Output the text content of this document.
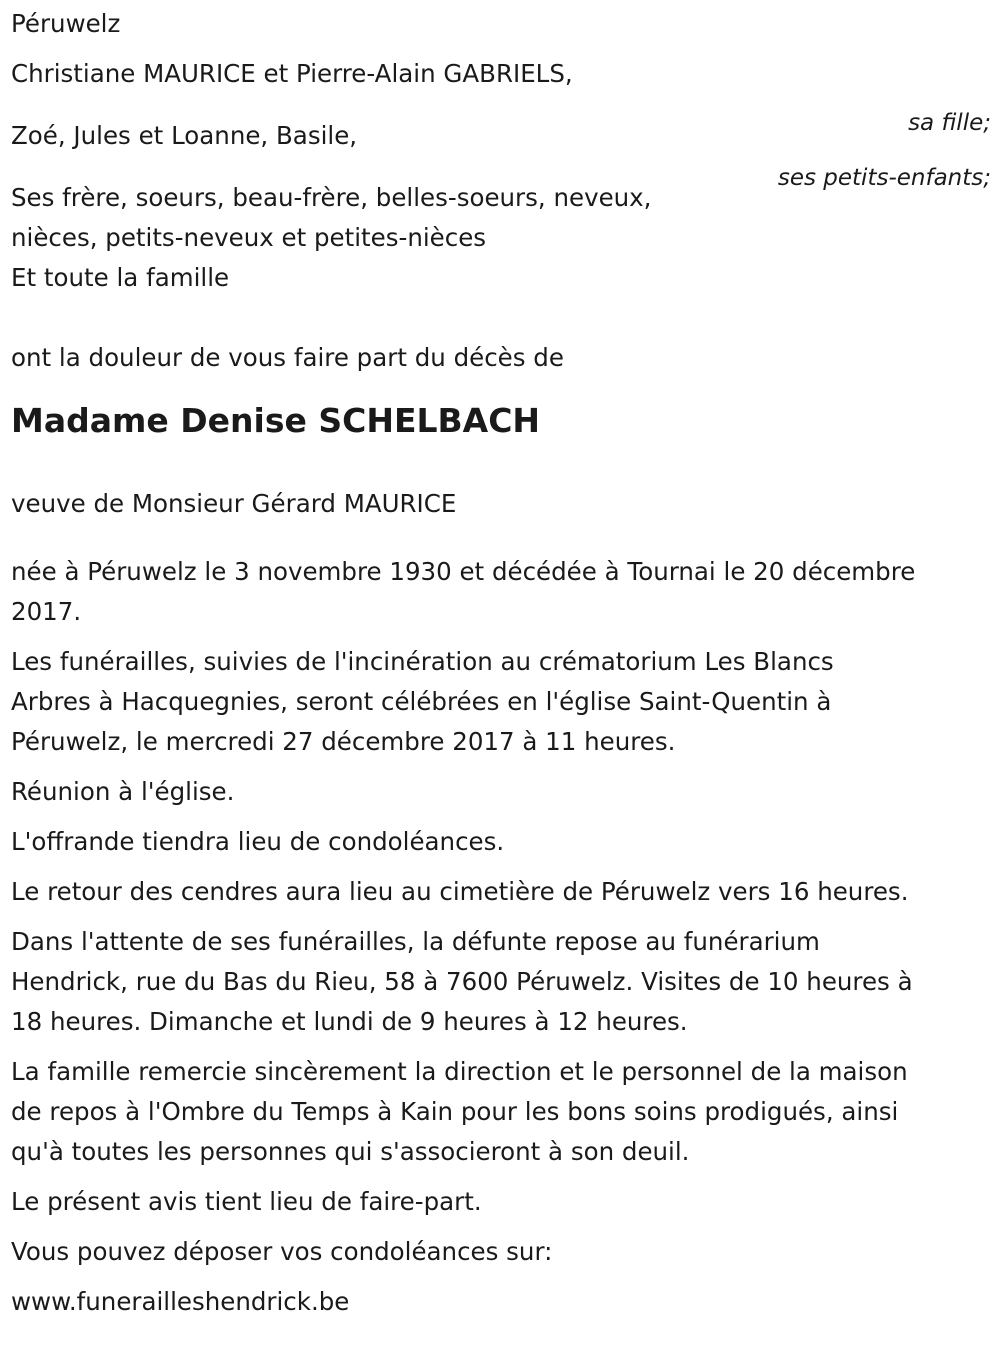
Péruwelz
Christiane MAURICE et Pierre-Alain GABRIELS,
sa fille;
Zoé, Jules et Loanne, Basile,
ses petits-enfants;
Ses frère, soeurs, beau-frère, belles-soeurs, neveux,
nièces, petits-neveux et petites-nièces
Et toute la famille
ont la douleur de vous faire part du décès de
Madame Denise SCHELBACH
veuve de Monsieur Gérard MAURICE
née à Péruwelz le 3 novembre 1930 et décédée à Tournai le 20 décembre
2017.
Les funérailles, suivies de l'incinération au crématorium Les Blancs
Arbres à Hacquegnies, seront célébrées en l'église Saint-Quentin à
Péruwelz, le mercredi 27 décembre 2017 à 11 heures.
Réunion à l'église.
L'offrande tiendra lieu de condoléances.
Le retour des cendres aura lieu au cimetière de Péruwelz vers 16 heures.
Dans l'attente de ses funérailles, la défunte repose au funérarium
Hendrick, rue du Bas du Rieu, 58 à 7600 Péruwelz. Visites de 10 heures à
18 heures. Dimanche et lundi de 9 heures à 12 heures.
La famille remercie sincèrement la direction et le personnel de la maison
de repos à l'Ombre du Temps à Kain pour les bons soins prodigués, ainsi
qu'à toutes les personnes qui s'associeront à son deuil.
Le présent avis tient lieu de faire-part.
Vous pouvez déposer vos condoléances sur:
www.funerailleshendrick.be
